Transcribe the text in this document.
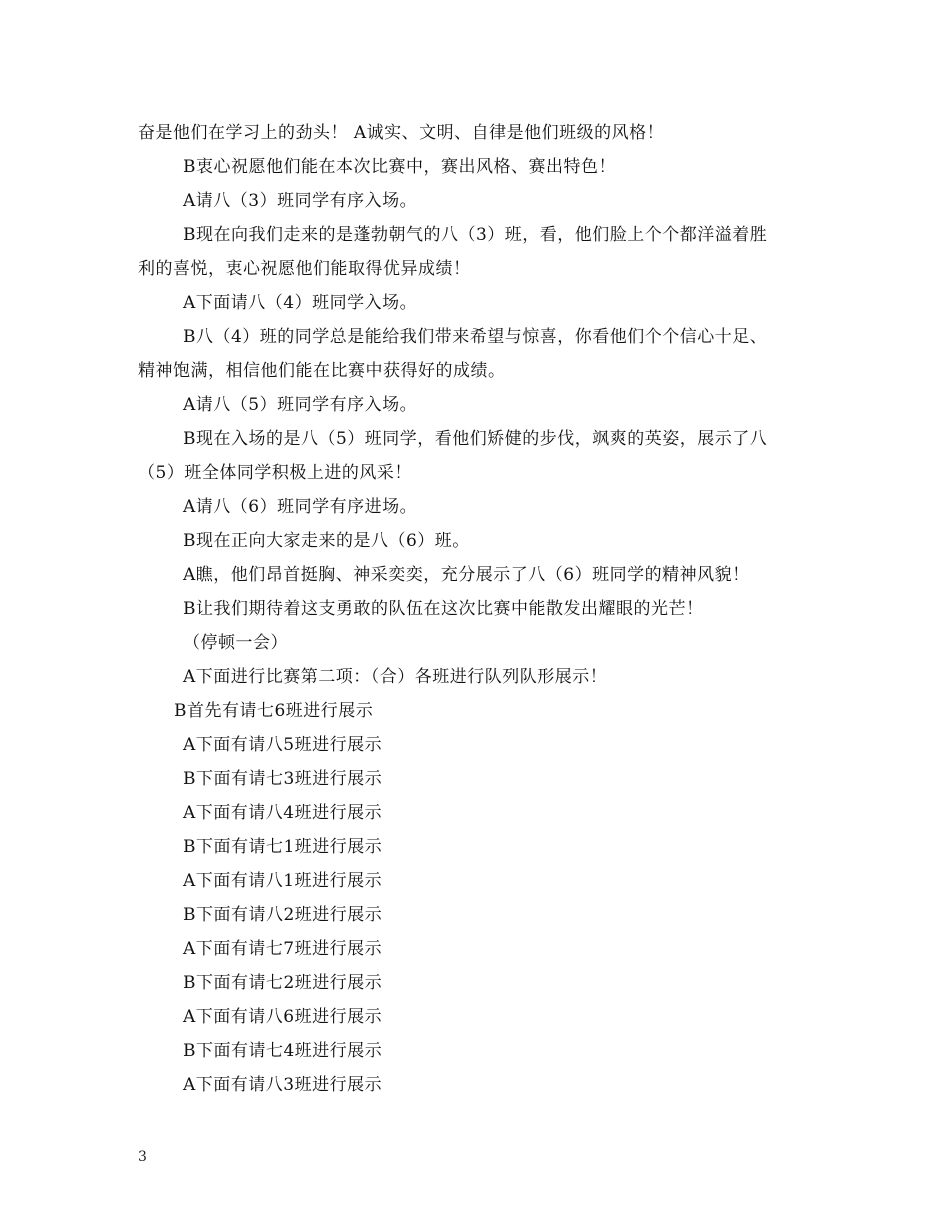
奋是他们在学习上的劲头！ A诚实、文明、自律是他们班级的风格！
B衷心祝愿他们能在本次比赛中，赛出风格、赛出特色！
A请八（3）班同学有序入场。
B现在向我们走来的是蓬勃朝气的八（3）班，看，他们脸上个个都洋溢着胜
利的喜悦，衷心祝愿他们能取得优异成绩！
A下面请八（4）班同学入场。
B八（4）班的同学总是能给我们带来希望与惊喜，你看他们个个信心十足、
精神饱满，相信他们能在比赛中获得好的成绩。
A请八（5）班同学有序入场。
B现在入场的是八（5）班同学，看他们矫健的步伐，飒爽的英姿，展示了八
（5）班全体同学积极上进的风采！
A请八（6）班同学有序进场。
B现在正向大家走来的是八（6）班。
A瞧，他们昂首挺胸、神采奕奕，充分展示了八（6）班同学的精神风貌！
B让我们期待着这支勇敢的队伍在这次比赛中能散发出耀眼的光芒！
（停顿一会）
A下面进行比赛第二项：（合）各班进行队列队形展示！
B首先有请七6班进行展示
A下面有请八5班进行展示
B下面有请七3班进行展示
A下面有请八4班进行展示
B下面有请七1班进行展示
A下面有请八1班进行展示
B下面有请八2班进行展示
A下面有请七7班进行展示
B下面有请七2班进行展示
A下面有请八6班进行展示
B下面有请七4班进行展示
A下面有请八3班进行展示
3
